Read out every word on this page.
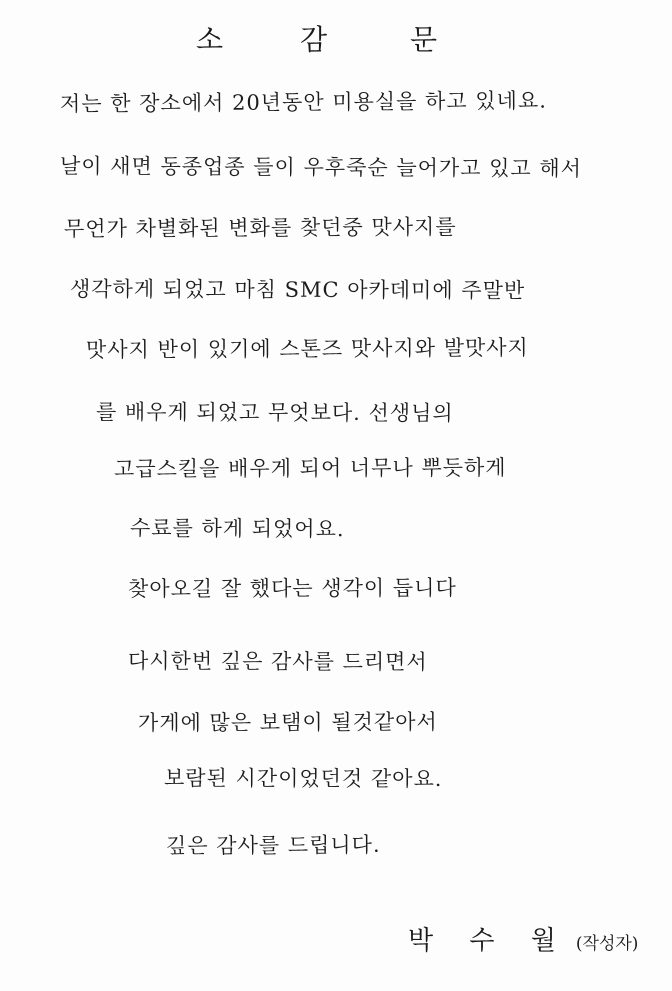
소	감	문
저는 한 장소에서 20년동안 미용실을 하고 있네요.
날이 새면 동종업종 들이 우후죽순 늘어가고 있고 해서
무언가 차별화된 변화를 찾던중 맛사지를
생각하게 되었고 마침 SMC 아카데미에 주말반
맛사지 반이 있기에 스톤즈 맛사지와 발맛사지
를 배우게 되었고 무엇보다. 선생님의
고급스킬을 배우게 되어 너무나 뿌듯하게
수료를 하게 되었어요.
찾아오길 잘 했다는 생각이 듭니다
다시한번 깊은 감사를 드리면서
가게에 많은 보탬이 될것같아서
보람된 시간이었던것 같아요.
깊은 감사를 드립니다.
박 수 월 (작성자)
